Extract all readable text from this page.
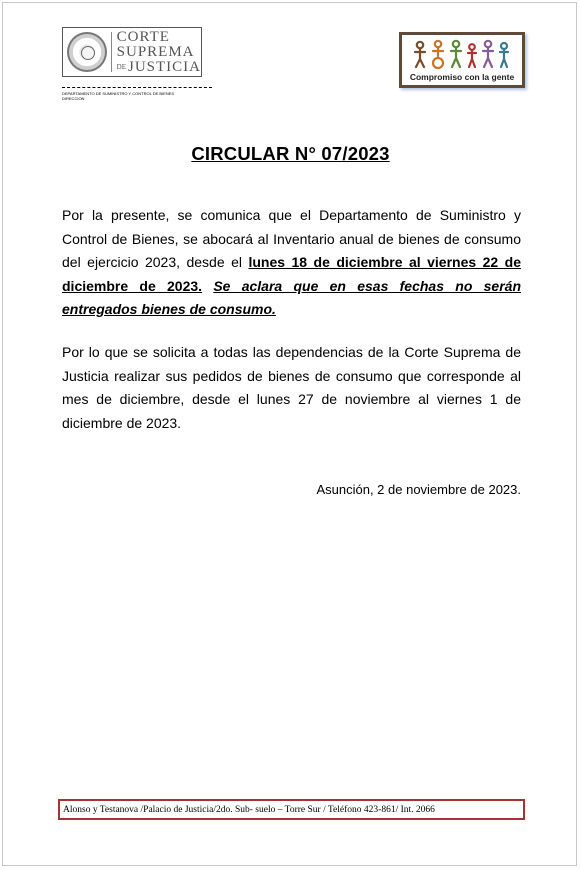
CORTE
SUPREMA
DE JUSTICIA
DEPARTAMENTO DE SUMINISTRO Y CONTROL DE BIENES
DIRECCION
Compromiso con la gente
CIRCULAR N° 07/2023
Por la presente, se comunica que el Departamento de Suministro y Control de Bienes, se abocará al Inventario anual de bienes de consumo del ejercicio 2023, desde el lunes 18 de diciembre al viernes 22 de diciembre de 2023. Se aclara que en esas fechas no serán entregados bienes de consumo.
Por lo que se solicita a todas las dependencias de la Corte Suprema de Justicia realizar sus pedidos de bienes de consumo que corresponde al mes de diciembre, desde el lunes 27 de noviembre al viernes 1 de diciembre de 2023.
Asunción, 2 de noviembre de 2023.
Alonso y Testanova /Palacio de Justicia/2do. Sub- suelo – Torre Sur / Teléfono 423-861/ Int. 2066
